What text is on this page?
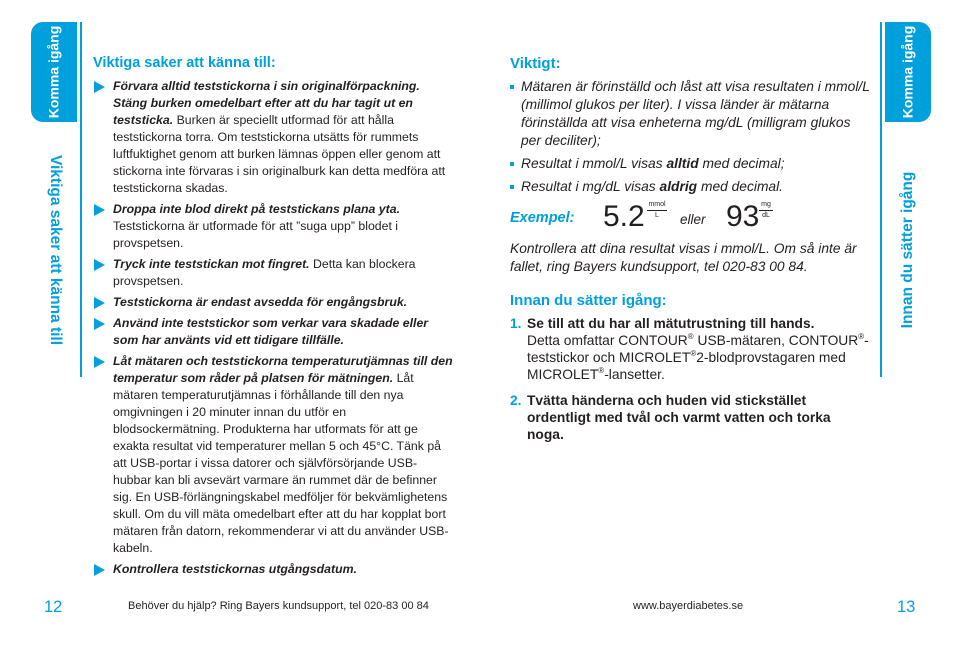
Komma igång
Viktiga saker att känna till
Komma igång
Innan du sätter igång
Viktiga saker att känna till:
Förvara alltid teststickorna i sin originalförpackning. Stäng burken omedelbart efter att du har tagit ut en teststicka. Burken är speciellt utformad för att hålla teststickorna torra. Om teststickorna utsätts för rummets luftfuktighet genom att burken lämnas öppen eller genom att stickorna inte förvaras i sin originalburk kan detta medföra att teststickorna skadas.
Droppa inte blod direkt på teststickans plana yta. Teststickorna är utformade för att ”suga upp” blodet i provspetsen.
Tryck inte teststickan mot fingret. Detta kan blockera provspetsen.
Teststickorna är endast avsedda för engångsbruk.
Använd inte teststickor som verkar vara skadade eller som har använts vid ett tidigare tillfälle.
Låt mätaren och teststickorna temperaturutjämnas till den temperatur som råder på platsen för mätningen. Låt mätaren temperaturutjämnas i förhållande till den nya omgivningen i 20 minuter innan du utför en blodsockermätning. Produkterna har utformats för att ge exakta resultat vid temperaturer mellan 5 och 45°C. Tänk på att USB-portar i vissa datorer och självförsörjande USB-hubbar kan bli avsevärt varmare än rummet där de befinner sig. En USB-förlängningskabel medföljer för bekvämlighetens skull. Om du vill mäta omedelbart efter att du har kopplat bort mätaren från datorn, rekommenderar vi att du använder USB-kabeln.
Kontrollera teststickornas utgångsdatum.
Viktigt:
Mätaren är förinställd och låst att visa resultaten i mmol/L (millimol glukos per liter). I vissa länder är mätarna förinställda att visa enheterna mg/dL (milligram glukos per deciliter);
Resultat i mmol/L visas alltid med decimal;
Resultat i mg/dL visas aldrig med decimal.
Exempel: 5.2 mmol
L	eller 93 mg
dL
Kontrollera att dina resultat visas i mmol/L. Om så inte är fallet, ring Bayers kundsupport, tel 020-83 00 84.
Innan du sätter igång:
1. Se till att du har all mätutrustning till hands.
Detta omfattar CONTOUR® USB-mätaren, CONTOUR®-teststickor och MICROLET®2-blodprovstagaren med MICROLET®-lansetter.
2. Tvätta händerna och huden vid stickstället ordentligt med tvål och varmt vatten och torka noga.
12	Behöver du hjälp? Ring Bayers kundsupport, tel 020-83 00 84	www.bayerdiabetes.se	13
